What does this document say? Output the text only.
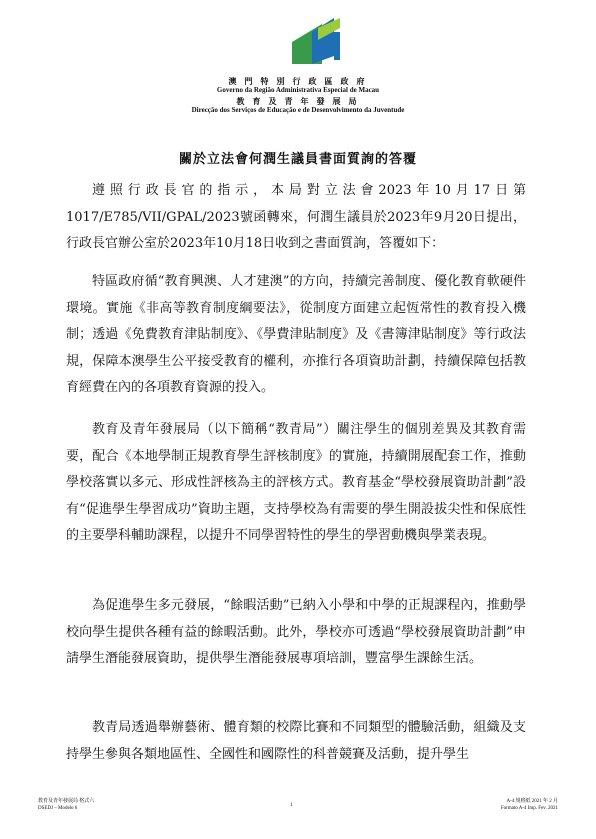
澳 門 特 別 行 政 區 政 府
Governo da Região Administrativa Especial de Macau
教 育 及 青 年 發 展 局
Direcção dos Serviços de Educação e de Desenvolvimento da Juventude
關於立法會何潤生議員書面質詢的答覆

遵照行政長官的指示，本局對立法會2023年10月17日第1017/E785/VII/GPAL/2023號函轉來，何潤生議員於2023年9月20日提出，行政長官辦公室於2023年10月18日收到之書面質詢，答覆如下：

特區政府循“教育興澳、人才建澳”的方向，持續完善制度、優化教育軟硬件環境。實施《非高等教育制度綱要法》，從制度方面建立起恆常性的教育投入機制；透過《免費教育津貼制度》、《學費津貼制度》及《書簿津貼制度》等行政法規，保障本澳學生公平接受教育的權利，亦推行各項資助計劃，持續保障包括教育經費在內的各項教育資源的投入。

教育及青年發展局（以下簡稱“教青局”）關注學生的個別差異及其教育需要，配合《本地學制正規教育學生評核制度》的實施，持續開展配套工作，推動學校落實以多元、形成性評核為主的評核方式。教育基金“學校發展資助計劃”設有“促進學生學習成功”資助主題，支持學校為有需要的學生開設拔尖性和保底性的主要學科輔助課程，以提升不同學習特性的學生的學習動機與學業表現。

為促進學生多元發展，“餘暇活動”已納入小學和中學的正規課程內，推動學校向學生提供各種有益的餘暇活動。此外，學校亦可透過“學校發展資助計劃”申請學生潛能發展資助，提供學生潛能發展專項培訓，豐富學生課餘生活。

教青局透過舉辦藝術、體育類的校際比賽和不同類型的體驗活動，組織及支持學生參與各類地區性、全國性和國際性的科普競賽及活動，提升學生

教育及青年發展局 格式六
DSEDJ – Modelo 6
1
A-4 規格紙 2021 年 2 月
Formato A-4 Imp. Fev. 2021
